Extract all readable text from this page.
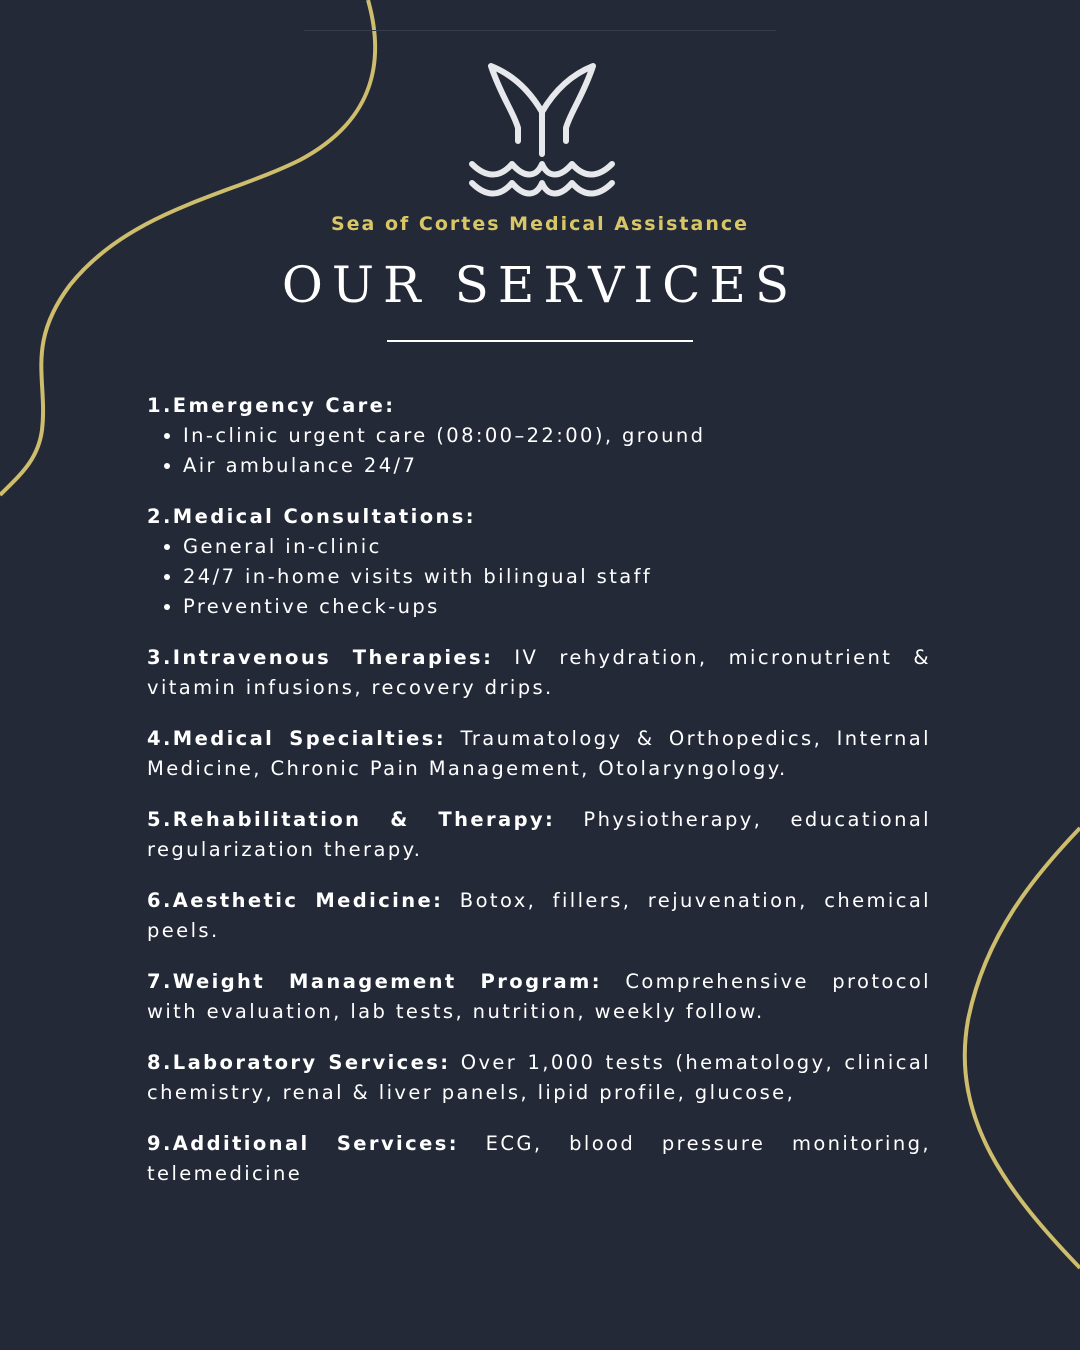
Sea of Cortes Medical Assistance
OUR SERVICES
1.Emergency Care:
• In-clinic urgent care (08:00–22:00), ground
• Air ambulance 24/7
2.Medical Consultations:
• General in-clinic
• 24/7 in-home visits with bilingual staff
• Preventive check-ups
3.Intravenous Therapies: IV rehydration, micronutrient & vitamin infusions, recovery drips.
4.Medical Specialties: Traumatology & Orthopedics, Internal Medicine, Chronic Pain Management, Otolaryngology.
5.Rehabilitation & Therapy: Physiotherapy, educational regularization therapy.
6.Aesthetic Medicine: Botox, fillers, rejuvenation, chemical peels.
7.Weight Management Program: Comprehensive protocol with evaluation, lab tests, nutrition, weekly follow.
8.Laboratory Services: Over 1,000 tests (hematology, clinical chemistry, renal & liver panels, lipid profile, glucose,
9.Additional Services: ECG, blood pressure monitoring, telemedicine
